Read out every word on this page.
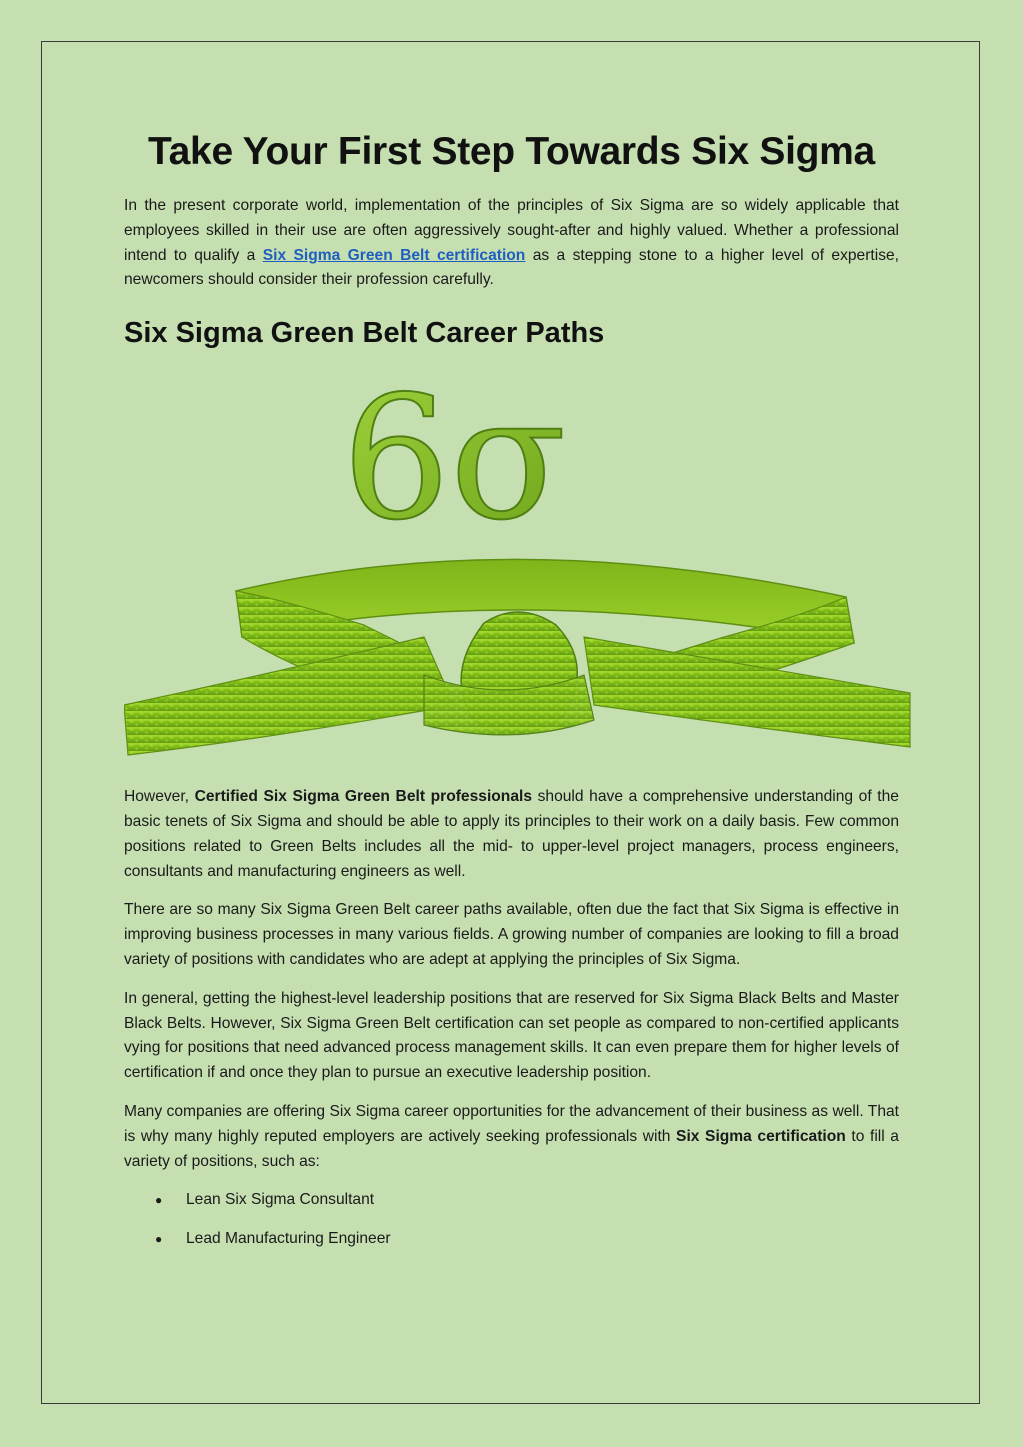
Take Your First Step Towards Six Sigma

In the present corporate world, implementation of the principles of Six Sigma are so widely applicable that employees skilled in their use are often aggressively sought-after and highly valued. Whether a professional intend to qualify a Six Sigma Green Belt certification as a stepping stone to a higher level of expertise, newcomers should consider their profession carefully.

Six Sigma Green Belt Career Paths
6σ

However, Certified Six Sigma Green Belt professionals should have a comprehensive understanding of the basic tenets of Six Sigma and should be able to apply its principles to their work on a daily basis. Few common positions related to Green Belts includes all the mid- to upper-level project managers, process engineers, consultants and manufacturing engineers as well.

There are so many Six Sigma Green Belt career paths available, often due the fact that Six Sigma is effective in improving business processes in many various fields. A growing number of companies are looking to fill a broad variety of positions with candidates who are adept at applying the principles of Six Sigma.

In general, getting the highest-level leadership positions that are reserved for Six Sigma Black Belts and Master Black Belts. However, Six Sigma Green Belt certification can set people as compared to non-certified applicants vying for positions that need advanced process management skills. It can even prepare them for higher levels of certification if and once they plan to pursue an executive leadership position.

Many companies are offering Six Sigma career opportunities for the advancement of their business as well. That is why many highly reputed employers are actively seeking professionals with Six Sigma certification to fill a variety of positions, such as:

● Lean Six Sigma Consultant
● Lead Manufacturing Engineer
